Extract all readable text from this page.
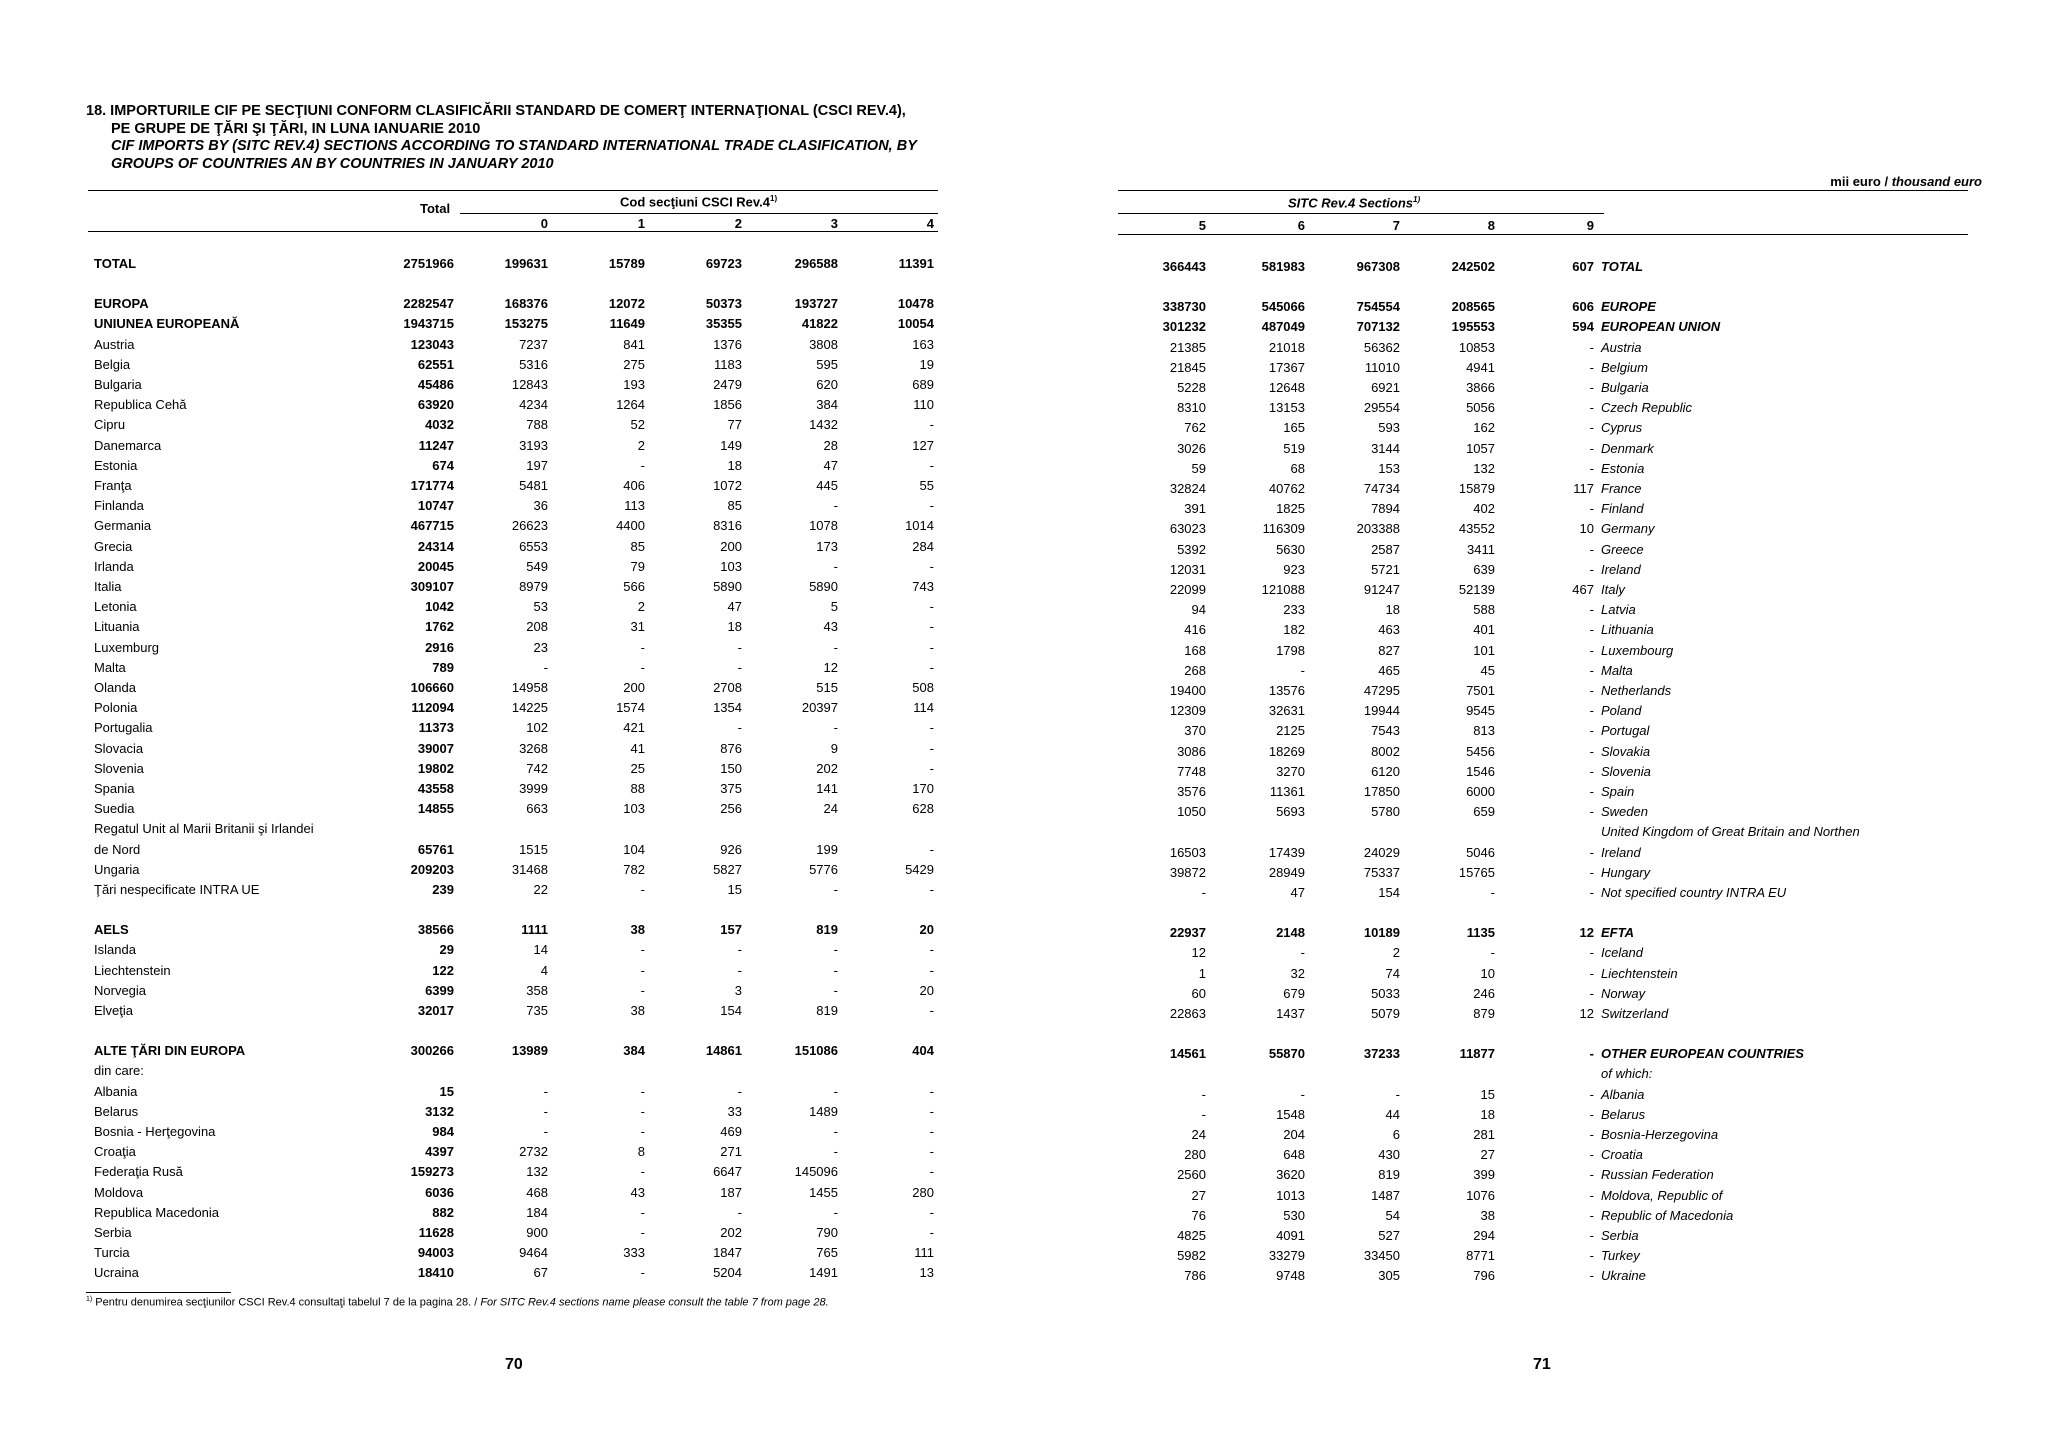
18. IMPORTURILE CIF PE SECŢIUNI CONFORM CLASIFICĂRII STANDARD DE COMERŢ INTERNAŢIONAL (CSCI REV.4),
PE GRUPE DE ŢĂRI ŞI ŢĂRI, IN LUNA IANUARIE 2010
CIF IMPORTS BY (SITC REV.4) SECTIONS ACCORDING TO STANDARD INTERNATIONAL TRADE CLASIFICATION, BY
GROUPS OF COUNTRIES AN BY COUNTRIES IN JANUARY 2010
mii euro / thousand euro
Total	Cod secţiuni CSCI Rev.4$^{1)}$
0	1	2	3	4
SITC Rev.4 Sections$^{1)}$
5	6	7	8	9
TOTAL	2751966	199631	15789	69723	296588	11391
EUROPA	2282547	168376	12072	50373	193727	10478
UNIUNEA EUROPEANĂ	1943715	153275	11649	35355	41822	10054
Austria	123043	7237	841	1376	3808	163
Belgia	62551	5316	275	1183	595	19
Bulgaria	45486	12843	193	2479	620	689
Republica Cehă	63920	4234	1264	1856	384	110
Cipru	4032	788	52	77	1432	-
Danemarca	11247	3193	2	149	28	127
Estonia	674	197	-	18	47	-
Franţa	171774	5481	406	1072	445	55
Finlanda	10747	36	113	85	-	-
Germania	467715	26623	4400	8316	1078	1014
Grecia	24314	6553	85	200	173	284
Irlanda	20045	549	79	103	-	-
Italia	309107	8979	566	5890	5890	743
Letonia	1042	53	2	47	5	-
Lituania	1762	208	31	18	43	-
Luxemburg	2916	23	-	-	-	-
Malta	789	-	-	-	12	-
Olanda	106660	14958	200	2708	515	508
Polonia	112094	14225	1574	1354	20397	114
Portugalia	11373	102	421	-	-	-
Slovacia	39007	3268	41	876	9	-
Slovenia	19802	742	25	150	202	-
Spania	43558	3999	88	375	141	170
Suedia	14855	663	103	256	24	628
Regatul Unit al Marii Britanii şi Irlandei
de Nord	65761	1515	104	926	199	-
Ungaria	209203	31468	782	5827	5776	5429
Ţări nespecificate INTRA UE	239	22	-	15	-	-
AELS	38566	1111	38	157	819	20
Islanda	29	14	-	-	-	-
Liechtenstein	122	4	-	-	-	-
Norvegia	6399	358	-	3	-	20
Elveţia	32017	735	38	154	819	-
ALTE ŢĂRI DIN EUROPA	300266	13989	384	14861	151086	404
din care:
Albania	15	-	-	-	-	-
Belarus	3132	-	-	33	1489	-
Bosnia - Herţegovina	984	-	-	469	-	-
Croaţia	4397	2732	8	271	-	-
Federaţia Rusă	159273	132	-	6647	145096	-
Moldova	6036	468	43	187	1455	280
Republica Macedonia	882	184	-	-	-	-
Serbia	11628	900	-	202	790	-
Turcia	94003	9464	333	1847	765	111
Ucraina	18410	67	-	5204	1491	13
366443	581983	967308	242502	607 TOTAL
338730	545066	754554	208565	606 EUROPE
301232	487049	707132	195553	594 EUROPEAN UNION
21385	21018	56362	10853	- Austria
21845	17367	11010	4941	- Belgium
5228	12648	6921	3866	- Bulgaria
8310	13153	29554	5056	- Czech Republic
762	165	593	162	- Cyprus
3026	519	3144	1057	- Denmark
59	68	153	132	- Estonia
32824	40762	74734	15879	117 France
391	1825	7894	402	- Finland
63023	116309	203388	43552	10 Germany
5392	5630	2587	3411	- Greece
12031	923	5721	639	- Ireland
22099	121088	91247	52139	467 Italy
94	233	18	588	- Latvia
416	182	463	401	- Lithuania
168	1798	827	101	- Luxembourg
268	-	465	45	- Malta
19400	13576	47295	7501	- Netherlands
12309	32631	19944	9545	- Poland
370	2125	7543	813	- Portugal
3086	18269	8002	5456	- Slovakia
7748	3270	6120	1546	- Slovenia
3576	11361	17850	6000	- Spain
1050	5693	5780	659	- Sweden
United Kingdom of Great Britain and Northen
16503	17439	24029	5046	- Ireland
39872	28949	75337	15765	- Hungary
-	47	154	-	- Not specified country INTRA EU
22937	2148	10189	1135	12 EFTA
12	-	2	-	- Iceland
1	32	74	10	- Liechtenstein
60	679	5033	246	- Norway
22863	1437	5079	879	12 Switzerland
14561	55870	37233	11877	- OTHER EUROPEAN COUNTRIES
of which:
-	-	-	15	- Albania
-	1548	44	18	- Belarus
24	204	6	281	- Bosnia-Herzegovina
280	648	430	27	- Croatia
2560	3620	819	399	- Russian Federation
27	1013	1487	1076	- Moldova, Republic of
76	530	54	38	- Republic of Macedonia
4825	4091	527	294	- Serbia
5982	33279	33450	8771	- Turkey
786	9748	305	796	- Ukraine
$^{1)}$ Pentru denumirea secţiunilor CSCI Rev.4 consultaţi tabelul 7 de la pagina 28. / For SITC Rev.4 sections name please consult the table 7 from page 28.
70	71
